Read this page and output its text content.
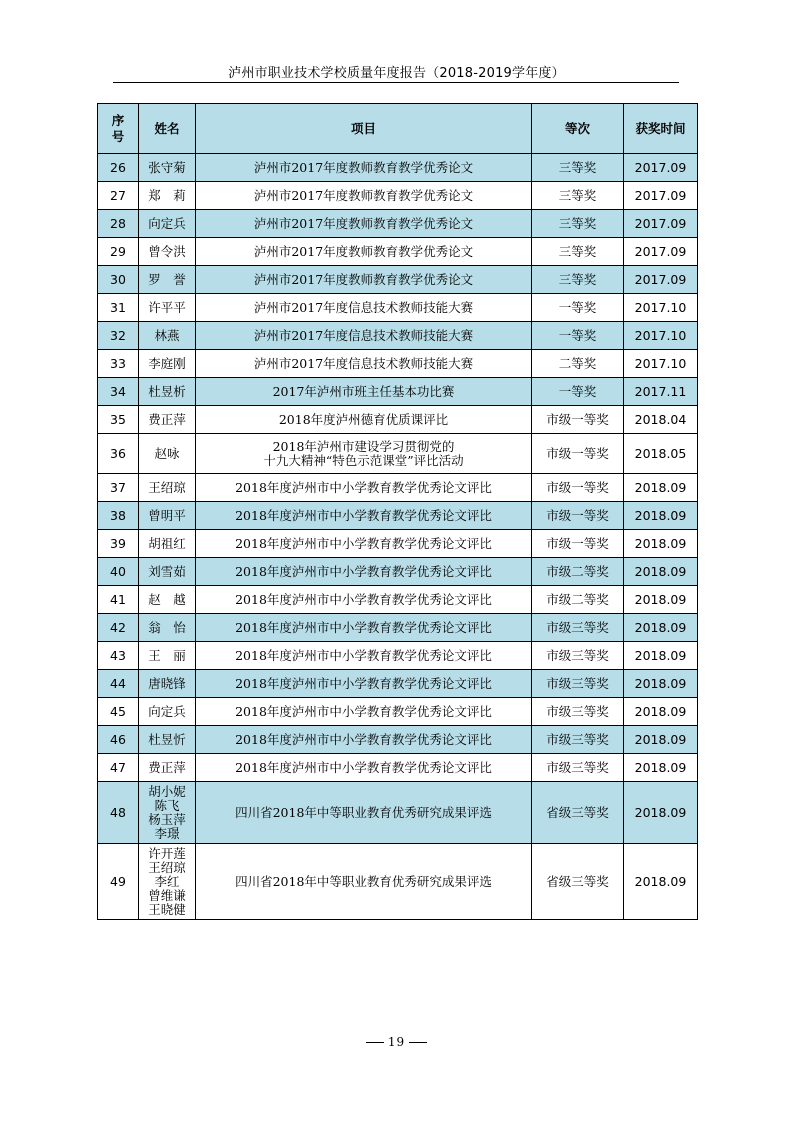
泸州市职业技术学校质量年度报告（2018-2019学年度）
序号	姓名	项目	等次	获奖时间
26	张守菊	泸州市2017年度教师教育教学优秀论文	三等奖	2017.09
27	郑　莉	泸州市2017年度教师教育教学优秀论文	三等奖	2017.09
28	向定兵	泸州市2017年度教师教育教学优秀论文	三等奖	2017.09
29	曾令洪	泸州市2017年度教师教育教学优秀论文	三等奖	2017.09
30	罗　誉	泸州市2017年度教师教育教学优秀论文	三等奖	2017.09
31	许平平	泸州市2017年度信息技术教师技能大赛	一等奖	2017.10
32	林燕	泸州市2017年度信息技术教师技能大赛	一等奖	2017.10
33	李庭刚	泸州市2017年度信息技术教师技能大赛	二等奖	2017.10
34	杜昱析	2017年泸州市班主任基本功比赛	一等奖	2017.11
35	费正萍	2018年度泸州德育优质课评比	市级一等奖	2018.04
36	赵咏	2018年泸州市建设学习贯彻党的
十九大精神“特色示范课堂”评比活动	市级一等奖	2018.05
37	王绍琼	2018年度泸州市中小学教育教学优秀论文评比	市级一等奖	2018.09
38	曾明平	2018年度泸州市中小学教育教学优秀论文评比	市级一等奖	2018.09
39	胡祖红	2018年度泸州市中小学教育教学优秀论文评比	市级一等奖	2018.09
40	刘雪茹	2018年度泸州市中小学教育教学优秀论文评比	市级二等奖	2018.09
41	赵　越	2018年度泸州市中小学教育教学优秀论文评比	市级二等奖	2018.09
42	翁　怡	2018年度泸州市中小学教育教学优秀论文评比	市级三等奖	2018.09
43	王　丽	2018年度泸州市中小学教育教学优秀论文评比	市级三等奖	2018.09
44	唐晓锋	2018年度泸州市中小学教育教学优秀论文评比	市级三等奖	2018.09
45	向定兵	2018年度泸州市中小学教育教学优秀论文评比	市级三等奖	2018.09
46	杜昱忻	2018年度泸州市中小学教育教学优秀论文评比	市级三等奖	2018.09
47	费正萍	2018年度泸州市中小学教育教学优秀论文评比	市级三等奖	2018.09
48	胡小妮
陈飞
杨玉萍
李璟	四川省2018年中等职业教育优秀研究成果评选	省级三等奖	2018.09
49	许开莲
王绍琼
李红
曾维谦
王晓健	四川省2018年中等职业教育优秀研究成果评选	省级三等奖	2018.09
19
